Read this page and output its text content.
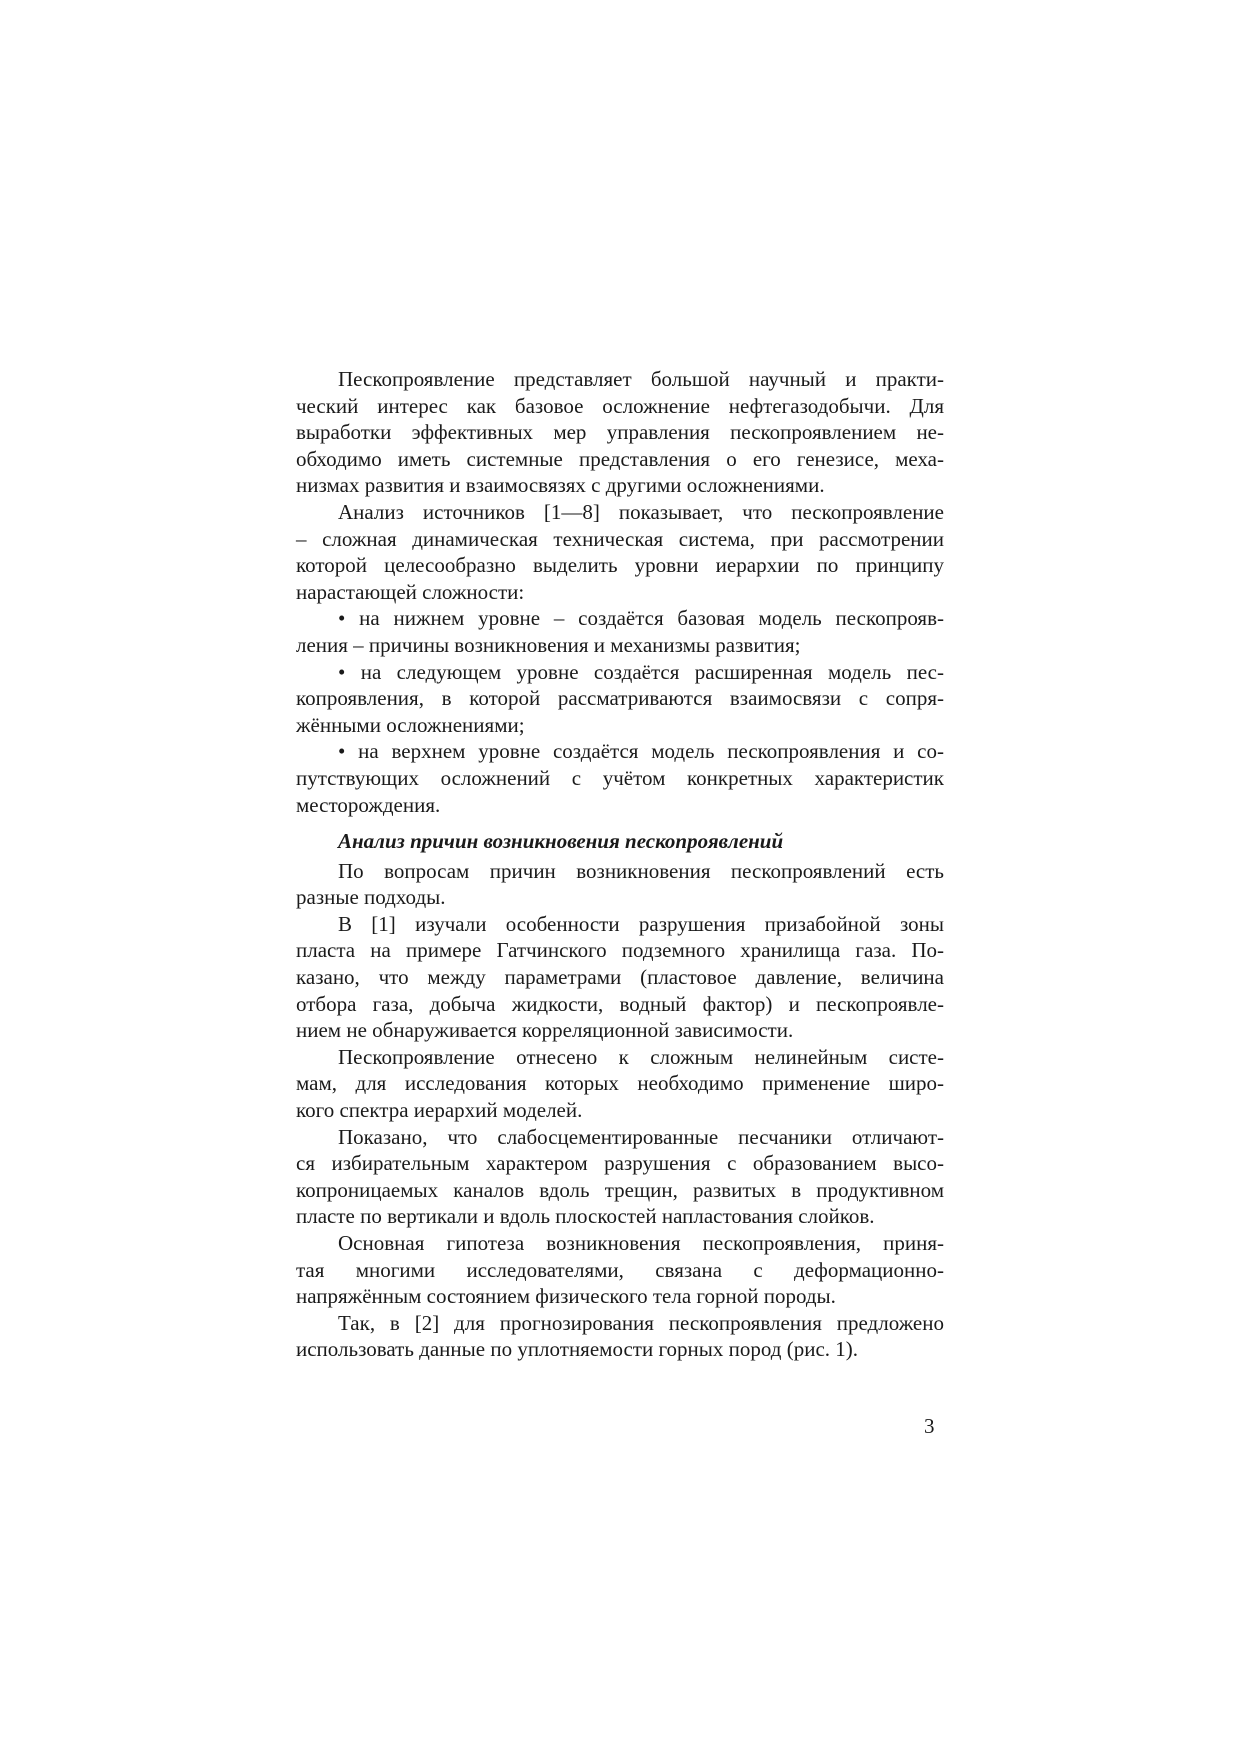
Пескопроявление представляет большой научный и практи-
ческий интерес как базовое осложнение нефтегазодобычи. Для
выработки эффективных мер управления пескопроявлением не-
обходимо иметь системные представления о его генезисе, меха-
низмах развития и взаимосвязях с другими осложнениями.
Анализ источников [1—8] показывает, что пескопроявление
– сложная динамическая техническая система, при рассмотрении
которой целесообразно выделить уровни иерархии по принципу
нарастающей сложности:
• на нижнем уровне – создаётся базовая модель пескопрояв-
ления – причины возникновения и механизмы развития;
• на следующем уровне создаётся расширенная модель пес-
копроявления, в которой рассматриваются взаимосвязи с сопря-
жёнными осложнениями;
• на верхнем уровне создаётся модель пескопроявления и со-
путствующих осложнений с учётом конкретных характеристик
месторождения.
Анализ причин возникновения пескопроявлений
По вопросам причин возникновения пескопроявлений есть
разные подходы.
В [1] изучали особенности разрушения призабойной зоны
пласта на примере Гатчинского подземного хранилища газа. По-
казано, что между параметрами (пластовое давление, величина
отбора газа, добыча жидкости, водный фактор) и пескопроявле-
нием не обнаруживается корреляционной зависимости.
Пескопроявление отнесено к сложным нелинейным систе-
мам, для исследования которых необходимо применение широ-
кого спектра иерархий моделей.
Показано, что слабосцементированные песчаники отличают-
ся избирательным характером разрушения с образованием высо-
копроницаемых каналов вдоль трещин, развитых в продуктивном
пласте по вертикали и вдоль плоскостей напластования слойков.
Основная гипотеза возникновения пескопроявления, приня-
тая многими исследователями, связана с деформационно-
напряжённым состоянием физического тела горной породы.
Так, в [2] для прогнозирования пескопроявления предложено
использовать данные по уплотняемости горных пород (рис. 1).
3
